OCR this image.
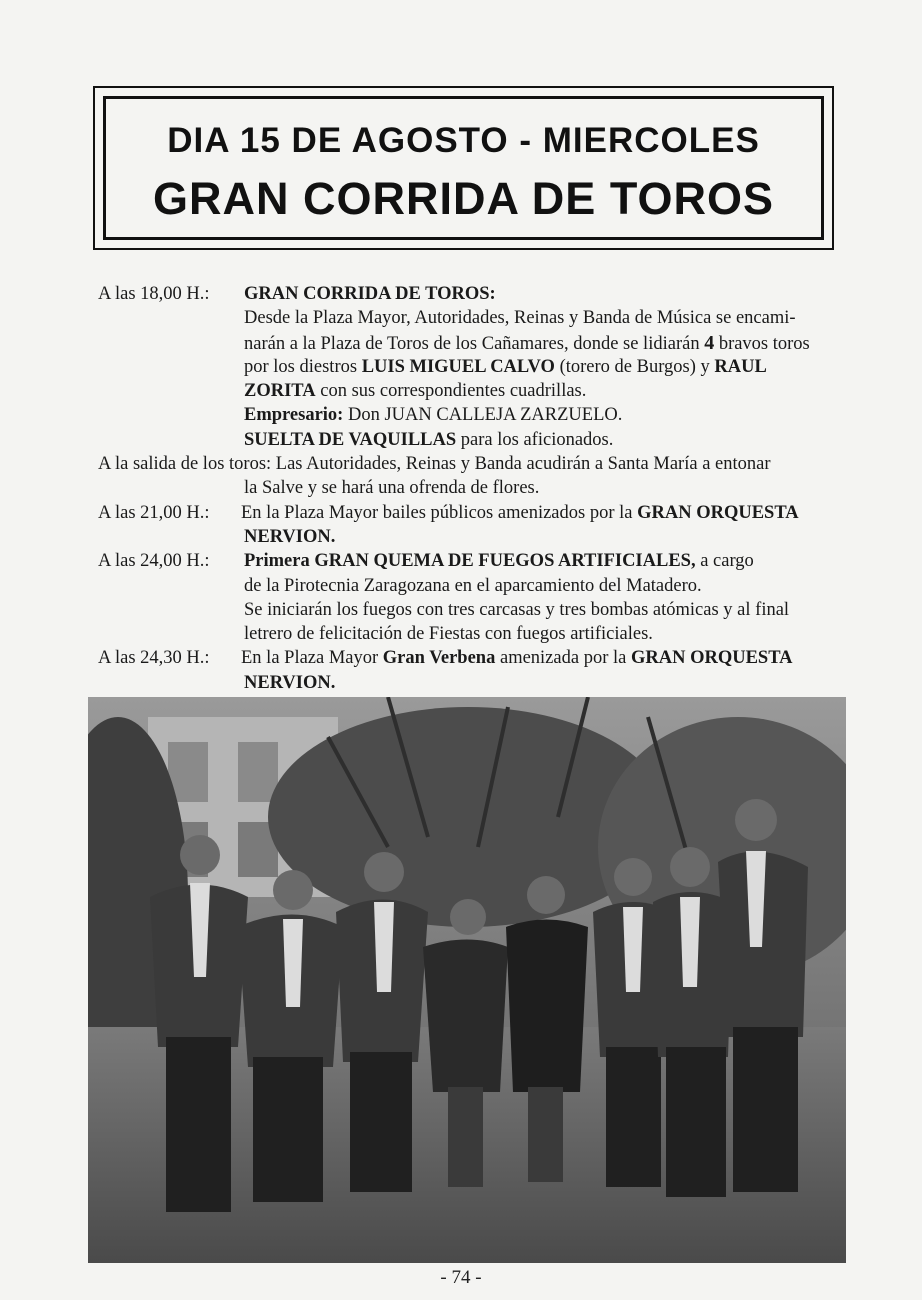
DIA 15 DE AGOSTO - MIERCOLES
GRAN CORRIDA DE TOROS
A las 18,00 H.: GRAN CORRIDA DE TOROS:
Desde la Plaza Mayor, Autoridades, Reinas y Banda de Música se encami-
narán a la Plaza de Toros de los Cañamares, donde se lidiarán 4 bravos toros
por los diestros LUIS MIGUEL CALVO (torero de Burgos) y RAUL
ZORITA con sus correspondientes cuadrillas.
Empresario: Don JUAN CALLEJA ZARZUELO.
SUELTA DE VAQUILLAS para los aficionados.
A la salida de los toros: Las Autoridades, Reinas y Banda acudirán a Santa María a entonar
la Salve y se hará una ofrenda de flores.
A las 21,00 H.: En la Plaza Mayor bailes públicos amenizados por la GRAN ORQUESTA
NERVION.
A las 24,00 H.: Primera GRAN QUEMA DE FUEGOS ARTIFICIALES, a cargo
de la Pirotecnia Zaragozana en el aparcamiento del Matadero.
Se iniciarán los fuegos con tres carcasas y tres bombas atómicas y al final
letrero de felicitación de Fiestas con fuegos artificiales.
A las 24,30 H.: En la Plaza Mayor Gran Verbena amenizada por la GRAN ORQUESTA
NERVION.
- 74 -
